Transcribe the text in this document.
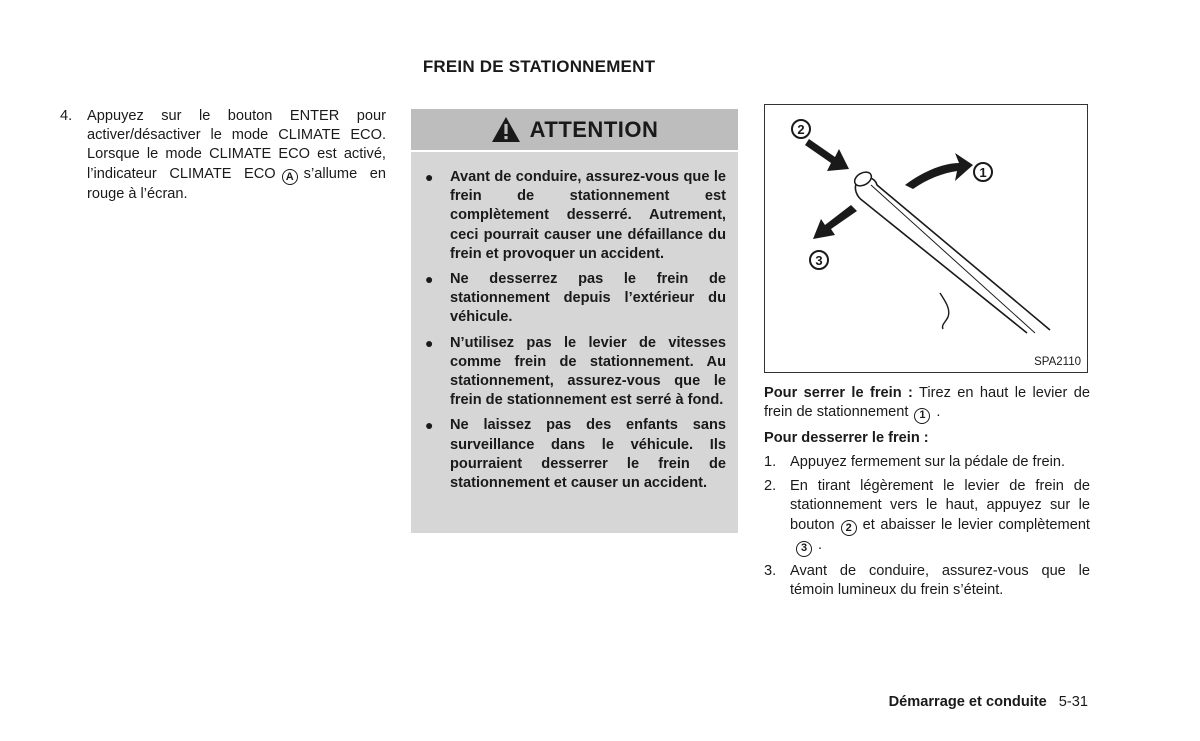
FREIN DE STATIONNEMENT
4.	Appuyez sur le bouton ENTER pour activer/désactiver le mode CLIMATE ECO. Lorsque le mode CLIMATE ECO est activé, l’indicateur CLIMATE ECO A s’allume en rouge à l’écran.
ATTENTION
●	Avant de conduire, assurez-vous que le frein de stationnement est complètement desserré. Autrement, ceci pourrait causer une défaillance du frein et provoquer un accident.
●	Ne desserrez pas le frein de stationnement depuis l’extérieur du véhicule.
●	N’utilisez pas le levier de vitesses comme frein de stationnement. Au stationnement, assurez-vous que le frein de stationnement est serré à fond.
●	Ne laissez pas des enfants sans surveillance dans le véhicule. Ils pourraient desserrer le frein de stationnement et causer un accident.
1
2
3
SPA2110

Pour serrer le frein : Tirez en haut le levier de frein de stationnement 1 .

Pour desserrer le frein :

1. Appuyez fermement sur la pédale de frein.
2. En tirant légèrement le levier de frein de stationnement vers le haut, appuyez sur le bouton 2 et abaisser le levier complètement3 .
3. Avant de conduire, assurez-vous que le témoin lumineux du frein s’éteint.
Démarrage et conduite 5-31
